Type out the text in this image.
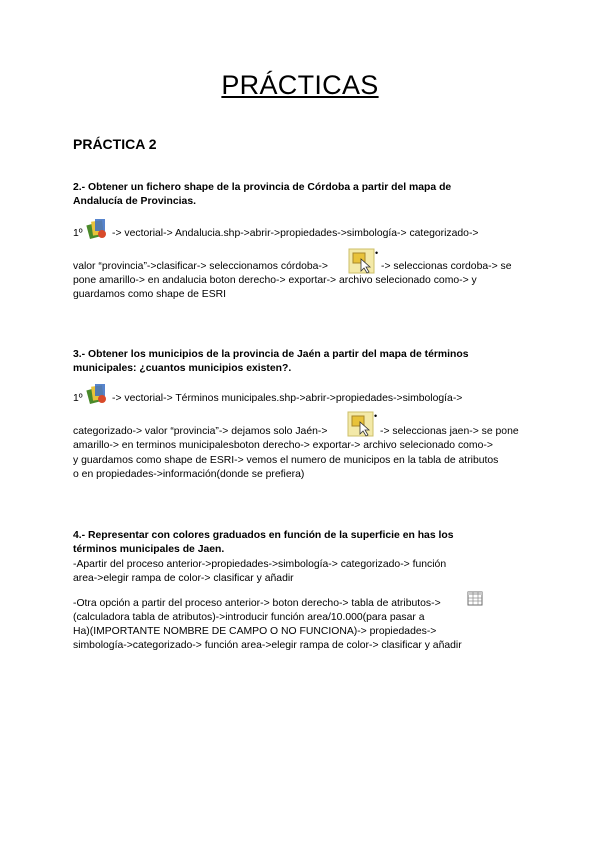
PRÁCTICAS
PRÁCTICA 2
2.- Obtener un fichero shape de la provincia de Córdoba a partir del mapa de
Andalucía de Provincias.
1º	-> vectorial-> Andalucia.shp->abrir->propiedades->simbología-> categorizado->
valor “provincia”->clasificar-> seleccionamos córdoba->
•
-> seleccionas cordoba-> se
pone amarillo-> en andalucia boton derecho-> exportar-> archivo selecionado como-> y
guardamos como shape de ESRI
3.- Obtener los municipios de la provincia de Jaén a partir del mapa de términos
municipales: ¿cuantos municipios existen?.
1º	-> vectorial-> Términos municipales.shp->abrir->propiedades->simbología->
categorizado-> valor “provincia”-> dejamos solo Jaén->
•
-> seleccionas jaen-> se pone
amarillo-> en terminos municipalesboton derecho-> exportar-> archivo selecionado como->
y guardamos como shape de ESRI-> vemos el numero de municipos en la tabla de atributos
o en propiedades->información(donde se prefiera)
4.- Representar con colores graduados en función de la superficie en has los
términos municipales de Jaen.
-Apartir del proceso anterior->propiedades->simbología-> categorizado-> función
area->elegir rampa de color-> clasificar y añadir
-Otra opción a partir del proceso anterior-> boton derecho-> tabla de atributos->
(calculadora tabla de atributos)->introducir función area/10.000(para pasar a
Ha)(IMPORTANTE NOMBRE DE CAMPO O NO FUNCIONA)-> propiedades->
simbología->categorizado-> función area->elegir rampa de color-> clasificar y añadir
